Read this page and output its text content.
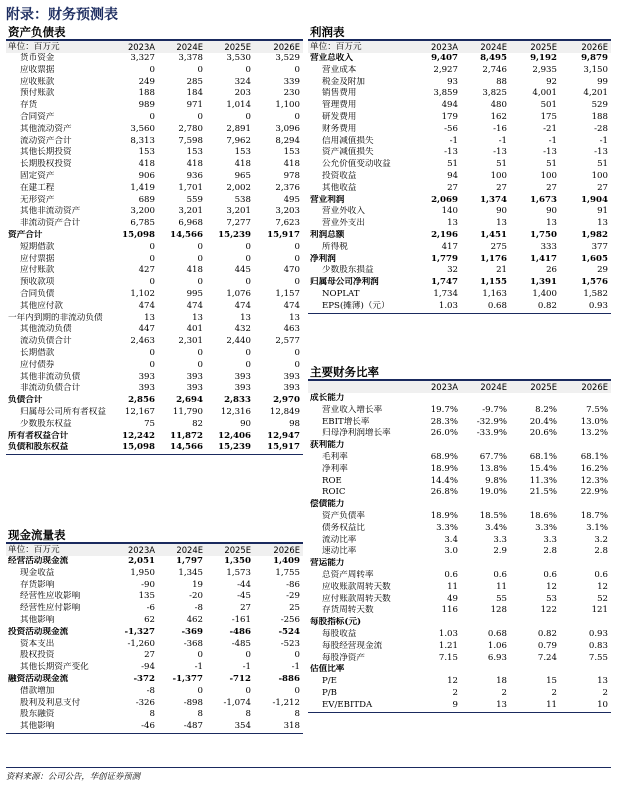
附录：财务预测表
资产负债表
单位：百万元	2023A	2024E	2025E	2026E
货币资金	3,327	3,378	3,530	3,529
应收票据	0	0	0	0
应收账款	249	285	324	339
预付账款	188	184	203	230
存货	989	971	1,014	1,100
合同资产	0	0	0	0
其他流动资产	3,560	2,780	2,891	3,096
流动资产合计	8,313	7,598	7,962	8,294
其他长期投资	153	153	153	153
长期股权投资	418	418	418	418
固定资产	906	936	965	978
在建工程	1,419	1,701	2,002	2,376
无形资产	689	559	538	495
其他非流动资产	3,200	3,201	3,201	3,203
非流动资产合计	6,785	6,968	7,277	7,623
资产合计	15,098	14,566	15,239	15,917
短期借款	0	0	0	0
应付票据	0	0	0	0
应付账款	427	418	445	470
预收款项	0	0	0	0
合同负债	1,102	995	1,076	1,157
其他应付款	474	474	474	474
一年内到期的非流动负债	13	13	13	13
其他流动负债	447	401	432	463
流动负债合计	2,463	2,301	2,440	2,577
长期借款	0	0	0	0
应付债券	0	0	0	0
其他非流动负债	393	393	393	393
非流动负债合计	393	393	393	393
负债合计	2,856	2,694	2,833	2,970
归属母公司所有者权益	12,167	11,790	12,316	12,849
少数股东权益	75	82	90	98
所有者权益合计	12,242	11,872	12,406	12,947
负债和股东权益	15,098	14,566	15,239	15,917
现金流量表
单位：百万元	2023A	2024E	2025E	2026E
经营活动现金流	2,051	1,797	1,350	1,409
现金收益	1,950	1,345	1,573	1,755
存货影响	-90	19	-44	-86
经营性应收影响	135	-20	-45	-29
经营性应付影响	-6	-8	27	25
其他影响	62	462	-161	-256
投资活动现金流	-1,327	-369	-486	-524
资本支出	-1,260	-368	-485	-523
股权投资	27	0	0	0
其他长期资产变化	-94	-1	-1	-1
融资活动现金流	-372	-1,377	-712	-886
借款增加	-8	0	0	0
股利及利息支付	-326	-898	-1,074	-1,212
股东融资	8	8	8	8
其他影响	-46	-487	354	318
利润表
单位：百万元	2023A	2024E	2025E	2026E
营业总收入	9,407	8,495	9,192	9,879
营业成本	2,927	2,746	2,935	3,150
税金及附加	93	88	92	99
销售费用	3,859	3,825	4,001	4,201
管理费用	494	480	501	529
研发费用	179	162	175	188
财务费用	-56	-16	-21	-28
信用减值损失	-1	-1	-1	-1
资产减值损失	-13	-13	-13	-13
公允价值变动收益	51	51	51	51
投资收益	94	100	100	100
其他收益	27	27	27	27
营业利润	2,069	1,374	1,673	1,904
营业外收入	140	90	90	91
营业外支出	13	13	13	13
利润总额	2,196	1,451	1,750	1,982
所得税	417	275	333	377
净利润	1,779	1,176	1,417	1,605
少数股东损益	32	21	26	29
归属母公司净利润	1,747	1,155	1,391	1,576
NOPLAT	1,734	1,163	1,400	1,582
EPS(摊薄)（元）	1.03	0.68	0.82	0.93
主要财务比率
	2023A	2024E	2025E	2026E
成长能力				
营业收入增长率	19.7%	-9.7%	8.2%	7.5%
EBIT增长率	28.3%	-32.9%	20.4%	13.0%
归母净利润增长率	26.0%	-33.9%	20.6%	13.2%
获利能力				
毛利率	68.9%	67.7%	68.1%	68.1%
净利率	18.9%	13.8%	15.4%	16.2%
ROE	14.4%	9.8%	11.3%	12.3%
ROIC	26.8%	19.0%	21.5%	22.9%
偿债能力				
资产负债率	18.9%	18.5%	18.6%	18.7%
债务权益比	3.3%	3.4%	3.3%	3.1%
流动比率	3.4	3.3	3.3	3.2
速动比率	3.0	2.9	2.8	2.8
营运能力				
总资产周转率	0.6	0.6	0.6	0.6
应收账款周转天数	11	11	12	12
应付账款周转天数	49	55	53	52
存货周转天数	116	128	122	121
每股指标(元)				
每股收益	1.03	0.68	0.82	0.93
每股经营现金流	1.21	1.06	0.79	0.83
每股净资产	7.15	6.93	7.24	7.55
估值比率				
P/E	12	18	15	13
P/B	2	2	2	2
EV/EBITDA	9	13	11	10
资料来源：公司公告，华创证券预测
